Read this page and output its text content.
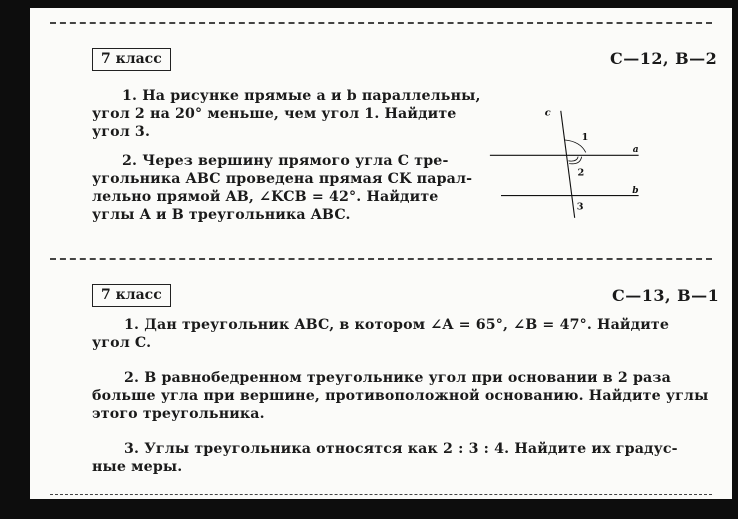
7 класс	С—12, В—2
1. На рисунке прямые a и b параллельны,
угол 2 на 20° меньше, чем угол 1. Найдите
угол 3.
2. Через вершину прямого угла C тре-
угольника ABC проведена прямая CK парал-
лельно прямой AB, ∠KCB = 42°. Найдите
углы A и B треугольника ABC.
7 класс	С—13, В—1
1. Дан треугольник ABC, в котором ∠A = 65°, ∠B = 47°. Найдите
угол C.
2. В равнобедренном треугольнике угол при основании в 2 раза
больше угла при вершине, противоположной основанию. Найдите углы
этого треугольника.
3. Углы треугольника относятся как 2 : 3 : 4. Найдите их градус-
ные меры.
c
1
a
2
b
3
